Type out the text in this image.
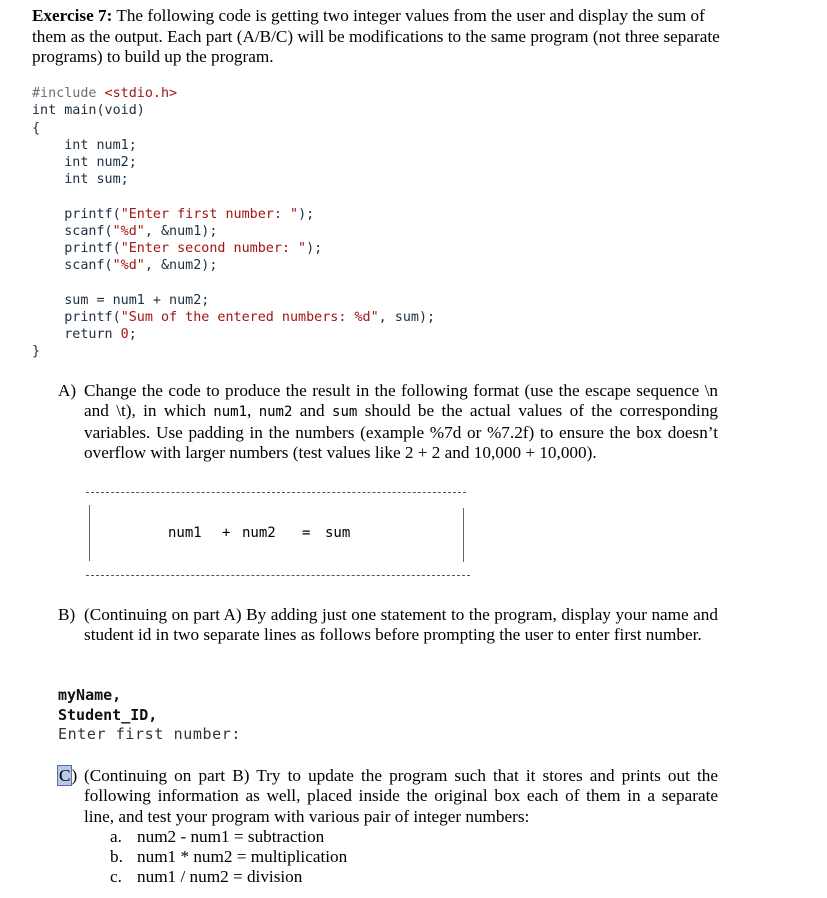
Exercise 7: The following code is getting two integer values from the user and display the sum of them as the output. Each part (A/B/C) will be modifications to the same program (not three separate programs) to build up the program.
#include <stdio.h>
int main(void)
{
int num1;
int num2;
int sum;
printf("Enter first number: ");
scanf("%d", &num1);
printf("Enter second number: ");
scanf("%d", &num2);
sum = num1 + num2;
printf("Sum of the entered numbers: %d", sum);
return 0;
}
A) Change the code to produce the result in the following format (use the escape sequence \n and \t), in which num1, num2 and sum should be the actual values of the corresponding variables. Use padding in the numbers (example %7d or %7.2f) to ensure the box doesn’t overflow with larger numbers (test values like 2 + 2 and 10,000 + 10,000).
num1 + num2 = sum
B) (Continuing on part A) By adding just one statement to the program, display your name and student id in two separate lines as follows before prompting the user to enter first number.
myName,
Student_ID,
Enter first number:
C) (Continuing on part B) Try to update the program such that it stores and prints out the following information as well, placed inside the original box each of them in a separate line, and test your program with various pair of integer numbers:
a. num2 - num1 = subtraction
b. num1 * num2 = multiplication
c. num1 / num2 = division
